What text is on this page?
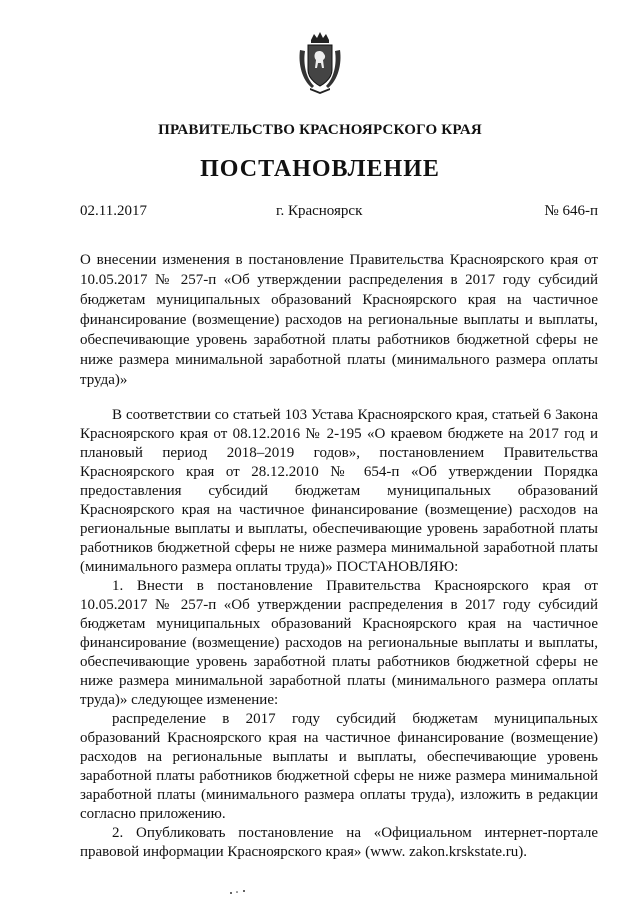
ПРАВИТЕЛЬСТВО КРАСНОЯРСКОГО КРАЯ
ПОСТАНОВЛЕНИЕ
02.11.2017	г. Красноярск	№ 646-п
О внесении изменения в постановление Правительства Красноярского края от 10.05.2017 № 257-п «Об утверждении распределения в 2017 году субсидий бюджетам муниципальных образований Красноярского края на частичное финансирование (возмещение) расходов на региональные выплаты и выплаты, обеспечивающие уровень заработной платы работников бюджетной сферы не ниже размера минимальной заработной платы (минимального размера оплаты труда)»

В соответствии со статьей 103 Устава Красноярского края, статьей 6 Закона Красноярского края от 08.12.2016 № 2-195 «О краевом бюджете на 2017 год и плановый период 2018–2019 годов», постановлением Правительства Красноярского края от 28.12.2010 № 654-п «Об утверждении Порядка предоставления субсидий бюджетам муниципальных образований Красноярского края на частичное финансирование (возмещение) расходов на региональные выплаты и выплаты, обеспечивающие уровень заработной платы работников бюджетной сферы не ниже размера минимальной заработной платы (минимального размера оплаты труда)» ПОСТАНОВЛЯЮ:

1. Внести в постановление Правительства Красноярского края от 10.05.2017 № 257-п «Об утверждении распределения в 2017 году субсидий бюджетам муниципальных образований Красноярского края на частичное финансирование (возмещение) расходов на региональные выплаты и выплаты, обеспечивающие уровень заработной платы работников бюджетной сферы не ниже размера минимальной заработной платы (минимального размера оплаты труда)» следующее изменение:

распределение в 2017 году субсидий бюджетам муниципальных образований Красноярского края на частичное финансирование (возмещение) расходов на региональные выплаты и выплаты, обеспечивающие уровень заработной платы работников бюджетной сферы не ниже размера минимальной заработной платы (минимального размера оплаты труда), изложить в редакции согласно приложению.

2. Опубликовать постановление на «Официальном интернет-портале правовой информации Красноярского края» (www. zakon.krskstate.ru).
